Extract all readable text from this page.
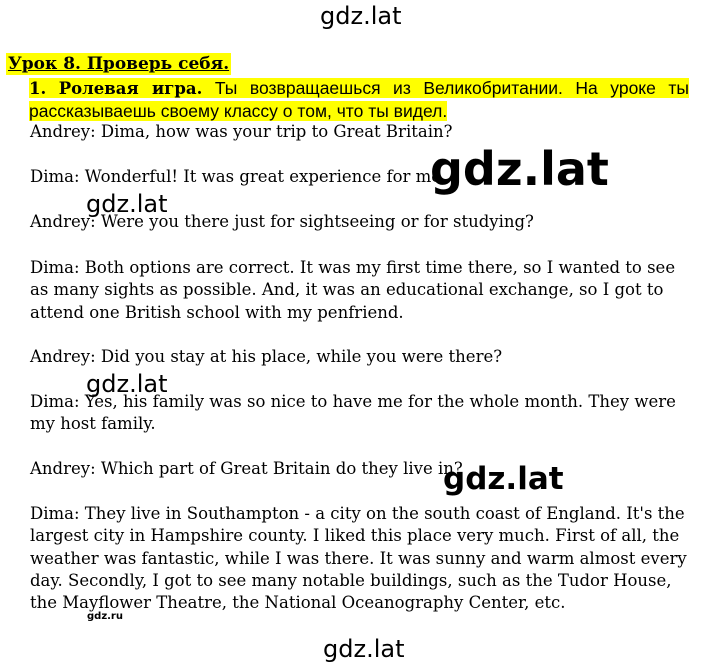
gdz.lat
Урок 8. Проверь себя.

1. Ролевая игра. Ты возвращаешься из Великобритании. На уроке ты рассказываешь своему классу о том, что ты видел.

Andrey: Dima, how was your trip to Great Britain?

Dima: Wonderful! It was great experience for me.

Andrey: Were you there just for sightseeing or for studying?

Dima: Both options are correct. It was my first time there, so I wanted to see as many sights as possible. And, it was an educational exchange, so I got to attend one British school with my penfriend.

Andrey: Did you stay at his place, while you were there?

Dima: Yes, his family was so nice to have me for the whole month. They were my host family.

Andrey: Which part of Great Britain do they live in?

Dima: They live in Southampton - a city on the south coast of England. It's the largest city in Hampshire county. I liked this place very much. First of all, the weather was fantastic, while I was there. It was sunny and warm almost every day. Secondly, I got to see many notable buildings, such as the Tudor House, the Mayflower Theatre, the National Oceanography Center, etc.

gdz.lat
gdz.lat
gdz.lat
gdz.lat
gdz.ru
gdz.lat
